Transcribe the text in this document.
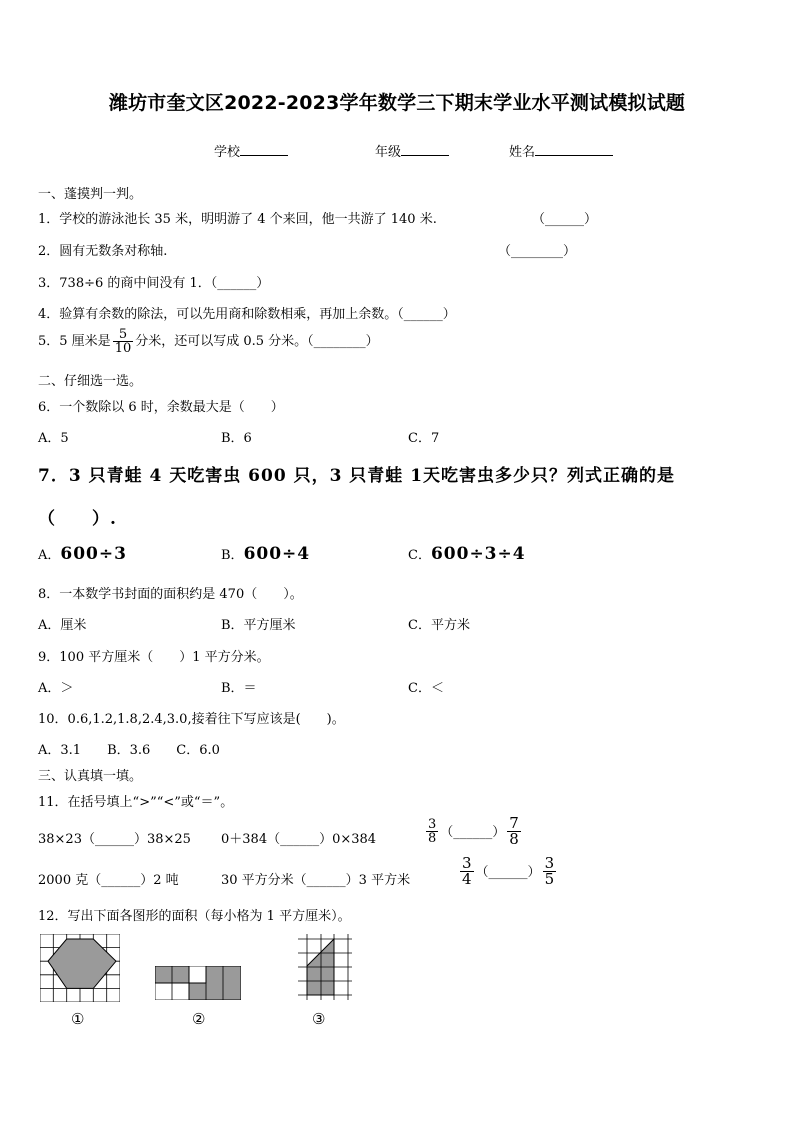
潍坊市奎文区2022-2023学年数学三下期末学业水平测试模拟试题
学校	年级	姓名
一、蓬摸判一判。
1．学校的游泳池长 35 米，明明游了 4 个来回，他一共游了 140 米.	（______）
2．圆有无数条对称轴.	（________）
3．738÷6 的商中间没有 1．（______）
4．验算有余数的除法，可以先用商和除数相乘，再加上余数。（______）
5．5 厘米是 $\frac{5}{10}$ 分米，还可以写成 0.5 分米。（________）
二、仔细选一选。
6．一个数除以 6 时，余数最大是（　　）
A．5	B．6	C．7
7．3 只青蛙 4 天吃害虫 600 只，3 只青蛙 1天吃害虫多少只？列式正确的是
（　　）.
A．600÷3	B．600÷4	C．600÷3÷4
8．一本数学书封面的面积约是 470（　　）。
A．厘米	B．平方厘米	C．平方米
9．100 平方厘米（　　）1 平方分米。
A．＞	B．＝	C．＜
10．0.6,1.2,1.8,2.4,3.0,接着往下写应该是(　　)。
A．3.1　　B．3.6　　C．6.0
三、认真填一填。
11．在括号填上“>”“<”或“＝”。
38×23（______）38×25 0＋384（______）0×384	$\frac{3}{8}$ （______） $\frac{7}{8}$
2000 克（______）2 吨	30 平方分米（______）3 平方米	$\frac{3}{4}$ （______） $\frac{3}{5}$
12．写出下面各图形的面积（每小格为 1 平方厘米）。
①	②	③
